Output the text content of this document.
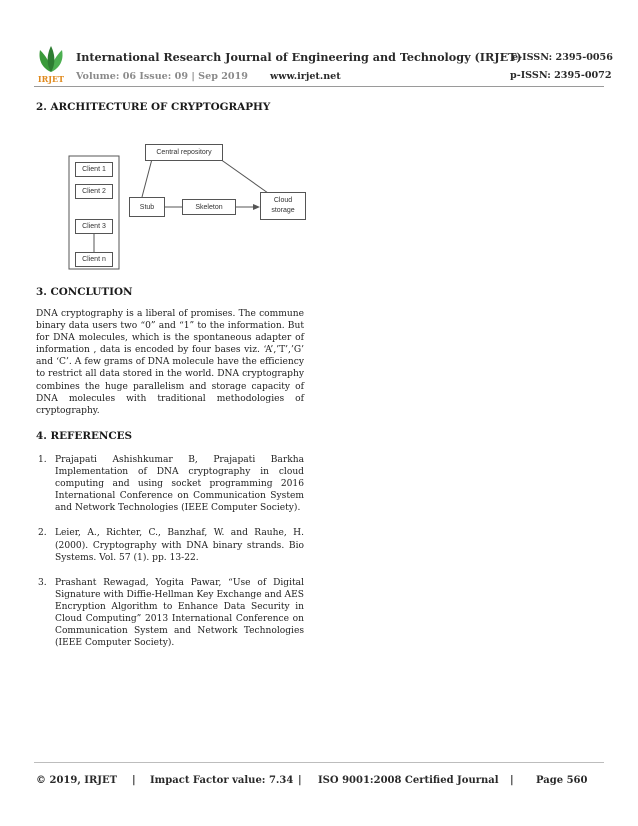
IRJET
International Research Journal of Engineering and Technology (IRJET)
e-ISSN: 2395-0056
Volume: 06 Issue: 09 | Sep 2019 www.irjet.net	p-ISSN: 2395-0072
2. ARCHITECTURE OF CRYPTOGRAPHY
Client 1
Client 2
Client 3
Client n
Central repository
Stub	Skeleton
Cloud
storage
3. CONCLUTION
DNA cryptography is a liberal of promises. The commune binary data users two “0” and “1” to the information. But for DNA molecules, which is the spontaneous adapter of information , data is encoded by four bases viz. ‘A’,’T’,’G’ and ‘C’. A few grams of DNA molecule have the efficiency to restrict all data stored in the world. DNA cryptography combines the huge parallelism and storage capacity of DNA molecules with traditional methodologies of cryptography.
4. REFERENCES
1. Prajapati Ashishkumar B, Prajapati Barkha Implementation of DNA cryptography in cloud computing and using socket programming 2016 International Conference on Communication System and Network Technologies (IEEE Computer Society).
2. Leier, A., Richter, C., Banzhaf, W. and Rauhe, H. (2000). Cryptography with DNA binary strands. Bio Systems. Vol. 57 (1). pp. 13-22.
3. Prashant Rewagad, Yogita Pawar, “Use of Digital Signature with Diffie-Hellman Key Exchange and AES Encryption Algorithm to Enhance Data Security in Cloud Computing” 2013 International Conference on Communication System and Network Technologies (IEEE Computer Society).
© 2019, IRJET | Impact Factor value: 7.34 | ISO 9001:2008 Certified Journal | Page 560
